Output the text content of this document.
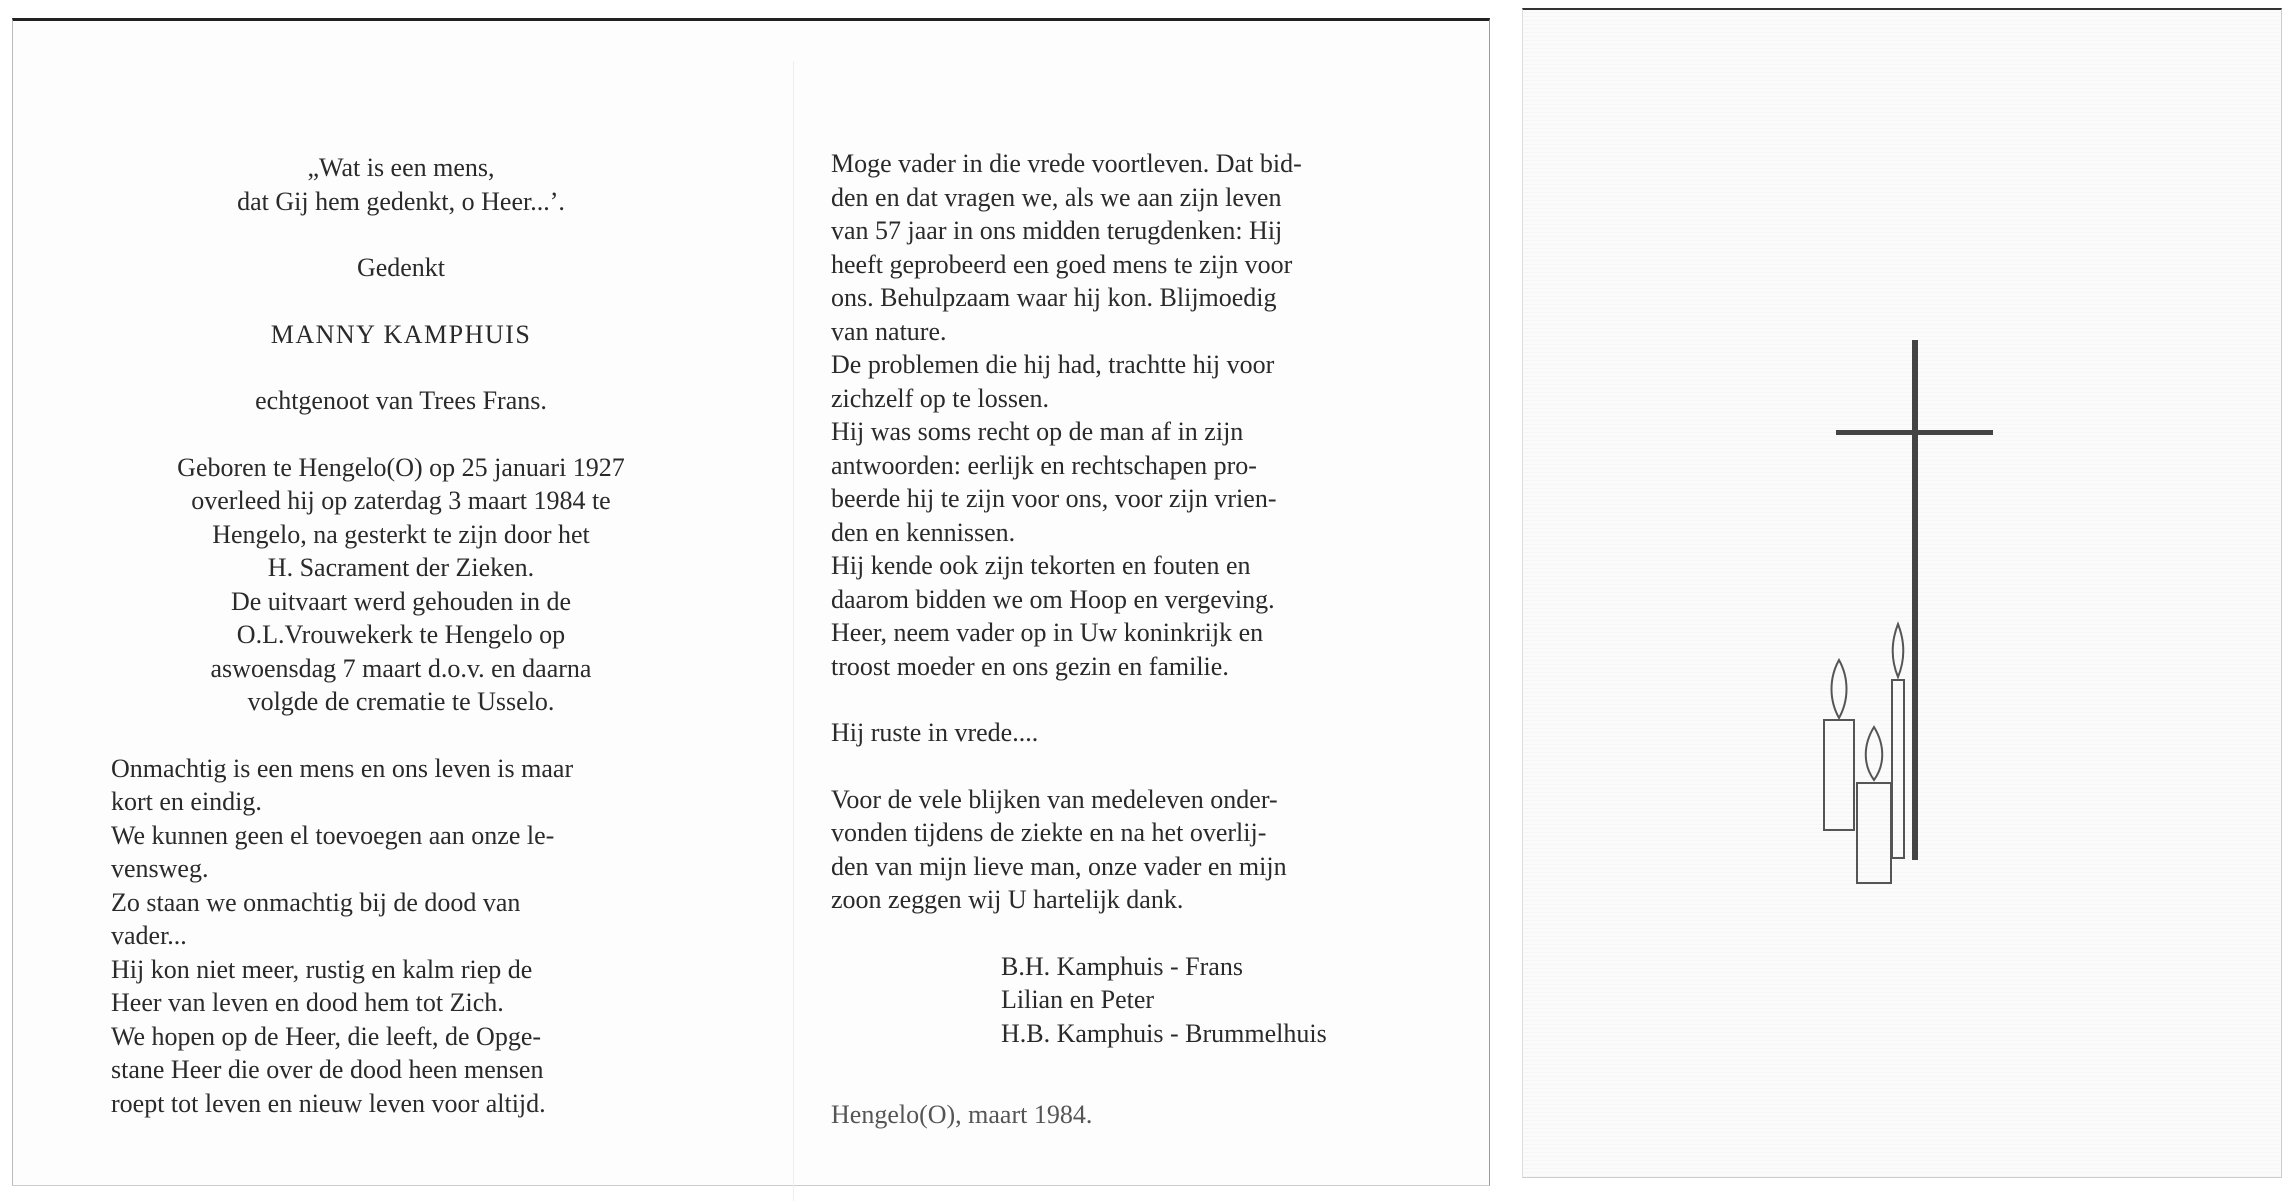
„Wat is een mens,

dat Gij hem gedenkt, o Heer...’.

Gedenkt

MANNY KAMPHUIS

echtgenoot van Trees Frans.

Geboren te Hengelo(O) op 25 januari 1927

overleed hij op zaterdag 3 maart 1984 te

Hengelo, na gesterkt te zijn door het

H. Sacrament der Zieken.

De uitvaart werd gehouden in de

O.L.Vrouwekerk te Hengelo op

aswoensdag 7 maart d.o.v. en daarna

volgde de crematie te Usselo.

Onmachtig is een mens en ons leven is maar

kort en eindig.

We kunnen geen el toevoegen aan onze le-

vensweg.

Zo staan we onmachtig bij de dood van

vader...

Hij kon niet meer, rustig en kalm riep de

Heer van leven en dood hem tot Zich.

We hopen op de Heer, die leeft, de Opge-

stane Heer die over de dood heen mensen

roept tot leven en nieuw leven voor altijd.

Moge vader in die vrede voortleven. Dat bid-

den en dat vragen we, als we aan zijn leven

van 57 jaar in ons midden terugdenken: Hij

heeft geprobeerd een goed mens te zijn voor

ons. Behulpzaam waar hij kon. Blijmoedig

van nature.

De problemen die hij had, trachtte hij voor

zichzelf op te lossen.

Hij was soms recht op de man af in zijn

antwoorden: eerlijk en rechtschapen pro-

beerde hij te zijn voor ons, voor zijn vrien-

den en kennissen.

Hij kende ook zijn tekorten en fouten en

daarom bidden we om Hoop en vergeving.

Heer, neem vader op in Uw koninkrijk en

troost moeder en ons gezin en familie.

Hij ruste in vrede....

Voor de vele blijken van medeleven onder-

vonden tijdens de ziekte en na het overlij-

den van mijn lieve man, onze vader en mijn

zoon zeggen wij U hartelijk dank.

B.H. Kamphuis - Frans

Lilian en Peter

H.B. Kamphuis - Brummelhuis

Hengelo(O), maart 1984.
